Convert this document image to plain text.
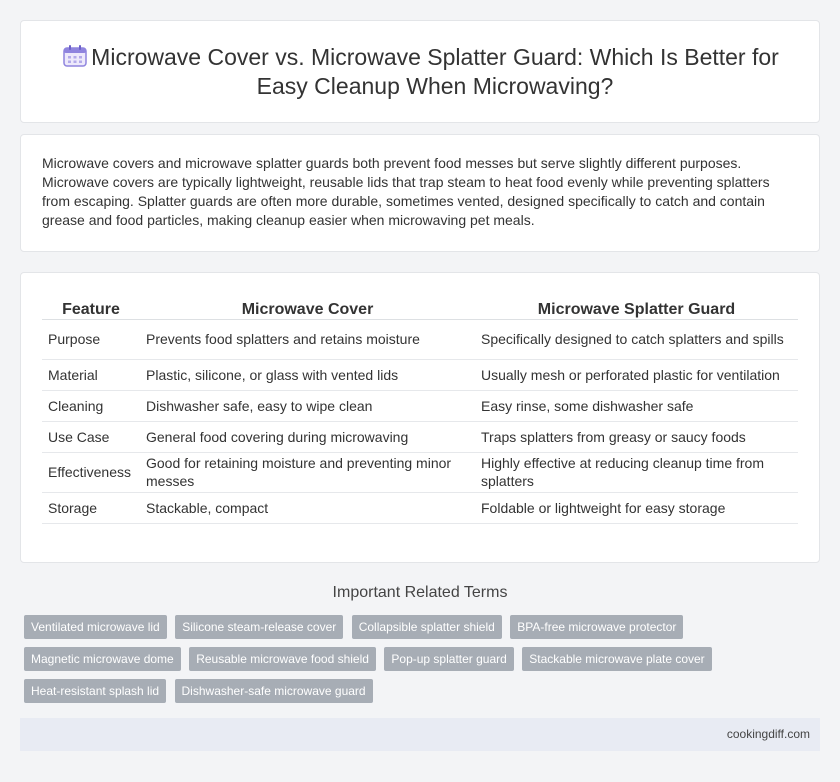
Microwave Cover vs. Microwave Splatter Guard: Which Is Better for Easy Cleanup When Microwaving?

Microwave covers and microwave splatter guards both prevent food messes but serve slightly different purposes. Microwave covers are typically lightweight, reusable lids that trap steam to heat food evenly while preventing splatters from escaping. Splatter guards are often more durable, sometimes vented, designed specifically to catch and contain grease and food particles, making cleanup easier when microwaving pet meals.

Feature	Microwave Cover	Microwave Splatter Guard
Purpose	Prevents food splatters and retains moisture	Specifically designed to catch splatters and spills
Material	Plastic, silicone, or glass with vented lids	Usually mesh or perforated plastic for ventilation
Cleaning	Dishwasher safe, easy to wipe clean	Easy rinse, some dishwasher safe
Use Case	General food covering during microwaving	Traps splatters from greasy or saucy foods
Effectiveness	Good for retaining moisture and preventing minor messes	Highly effective at reducing cleanup time from splatters
Storage	Stackable, compact	Foldable or lightweight for easy storage
Important Related Terms
Ventilated microwave lid Silicone steam-release cover Collapsible splatter shield BPA-free microwave protector
Magnetic microwave dome Reusable microwave food shield Pop-up splatter guard Stackable microwave plate cover
Heat-resistant splash lid Dishwasher-safe microwave guard
cookingdiff.com
